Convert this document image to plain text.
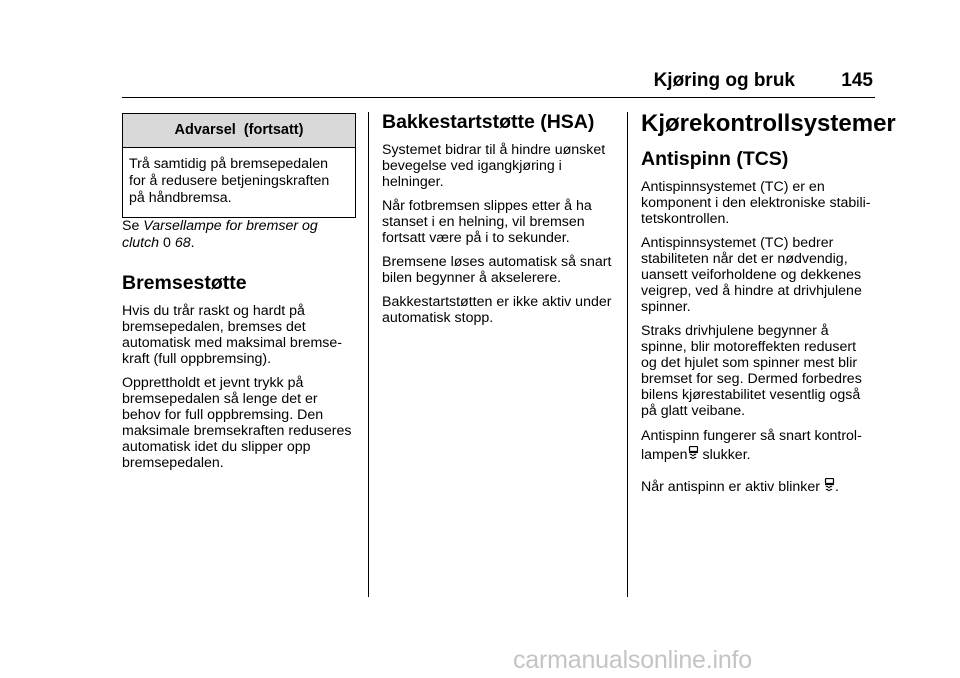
Kjøring og bruk 145
Advarsel  (fortsatt)
Trå samtidig på bremsepedalen
for å redusere betjeningskraften
på håndbremsa.

Se Varsellampe for bremser og
clutch 0 68.

Bremsestøtte

Hvis du trår raskt og hardt på
bremsepedalen, bremses det
automatisk med maksimal bremse-
kraft (full oppbremsing).

Opprettholdt et jevnt trykk på
bremsepedalen så lenge det er
behov for full oppbremsing. Den
maksimale bremsekraften reduseres
automatisk idet du slipper opp
bremsepedalen.

Bakkestartstøtte (HSA)

Systemet bidrar til å hindre uønsket
bevegelse ved igangkjøring i
helninger.

Når fotbremsen slippes etter å ha
stanset i en helning, vil bremsen
fortsatt være på i to sekunder.

Bremsene løses automatisk så snart
bilen begynner å akselerere.

Bakkestartstøtten er ikke aktiv under
automatisk stopp.

Kjørekontrollsystemer
Antispinn (TCS)

Antispinnsystemet (TC) er en
komponent i den elektroniske stabili-
tetskontrollen.

Antispinnsystemet (TC) bedrer
stabiliteten når det er nødvendig,
uansett veiforholdene og dekkenes
veigrep, ved å hindre at drivhjulene
spinner.

Straks drivhjulene begynner å
spinne, blir motoreffekten redusert
og det hjulet som spinner mest blir
bremset for seg. Dermed forbedres
bilens kjørestabilitet vesentlig også
på glatt veibane.

Antispinn fungerer så snart kontrol-
lampen slukker.

Når antispinn er aktiv blinker .

carmanualsonline.info
